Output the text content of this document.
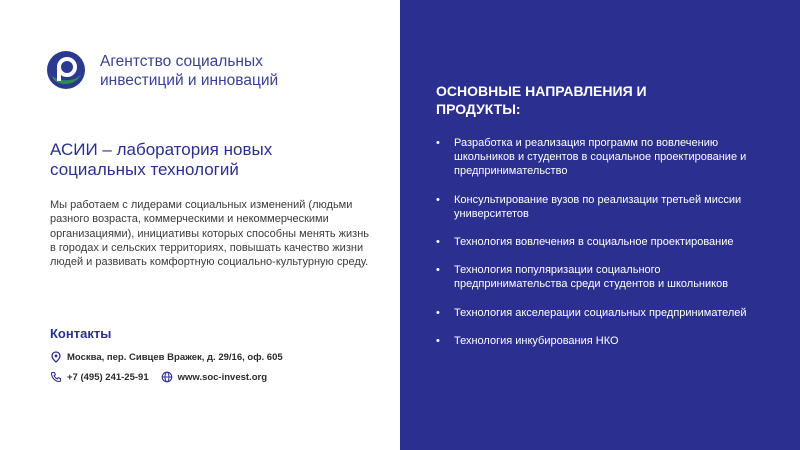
Агентство социальных
инвестиций и инноваций
АСИИ – лаборатория новых
социальных технологий
Мы работаем с лидерами социальных изменений (людьми разного возраста, коммерческими и некоммерческими организациями), инициативы которых способны менять жизнь в городах и сельских территориях, повышать качество жизни людей и развивать комфортную социально-культурную среду.
Контакты
Москва, пер. Сивцев Вражек, д. 29/16, оф. 605
+7 (495) 241-25-91	www.soc-invest.org
ОСНОВНЫЕ НАПРАВЛЕНИЯ И
ПРОДУКТЫ:
• Разработка и реализация программ по вовлечению школьников и студентов в социальное проектирование и предпринимательство
• Консультирование вузов по реализации третьей миссии университетов
• Технология вовлечения в социальное проектирование
• Технология популяризации социального предпринимательства среди студентов и школьников
• Технология акселерации социальных предпринимателей
• Технология инкубирования НКО
